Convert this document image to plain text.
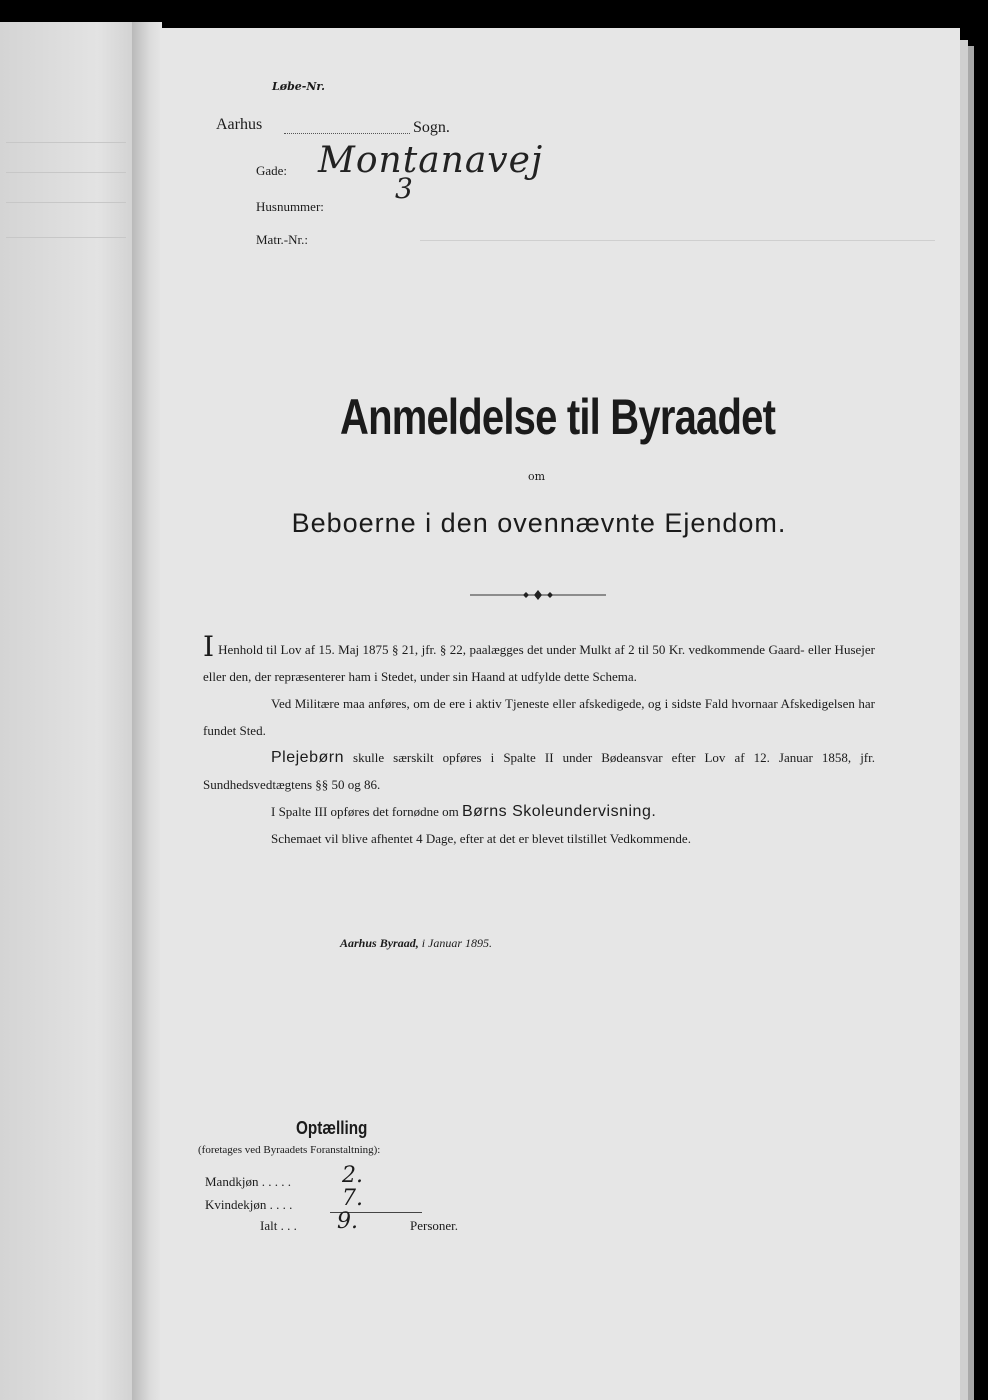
Løbe-Nr.
Aarhus	Sogn.
Gade: Montanavej
Husnummer:
3
Matr.-Nr.:
Anmeldelse til Byraadet
om
Beboerne i den ovennævnte Ejendom.

I Henhold til Lov af 15. Maj 1875 § 21, jfr. § 22, paalægges det under Mulkt af 2 til 50 Kr. vedkommende Gaard- eller Husejer eller den, der repræsenterer ham i Stedet, under sin Haand at udfylde dette Schema.

Ved Militære maa anføres, om de ere i aktiv Tjeneste eller afskedigede, og i sidste Fald hvornaar Afskedigelsen har fundet Sted.

Plejebørn skulle særskilt opføres i Spalte II under Bødeansvar efter Lov af 12. Januar 1858, jfr. Sundhedsvedtægtens §§ 50 og 86.

I Spalte III opføres det fornødne om Børns Skoleundervisning.

Schemaet vil blive afhentet 4 Dage, efter at det er blevet tilstillet Vedkommende.

Aarhus Byraad, i Januar 1895.
Optælling
(foretages ved Byraadets Foranstaltning):
Mandkjøn . . . . . 2.
Kvindekjøn . . . . 7.
Ialt . . . 9.	Personer.
